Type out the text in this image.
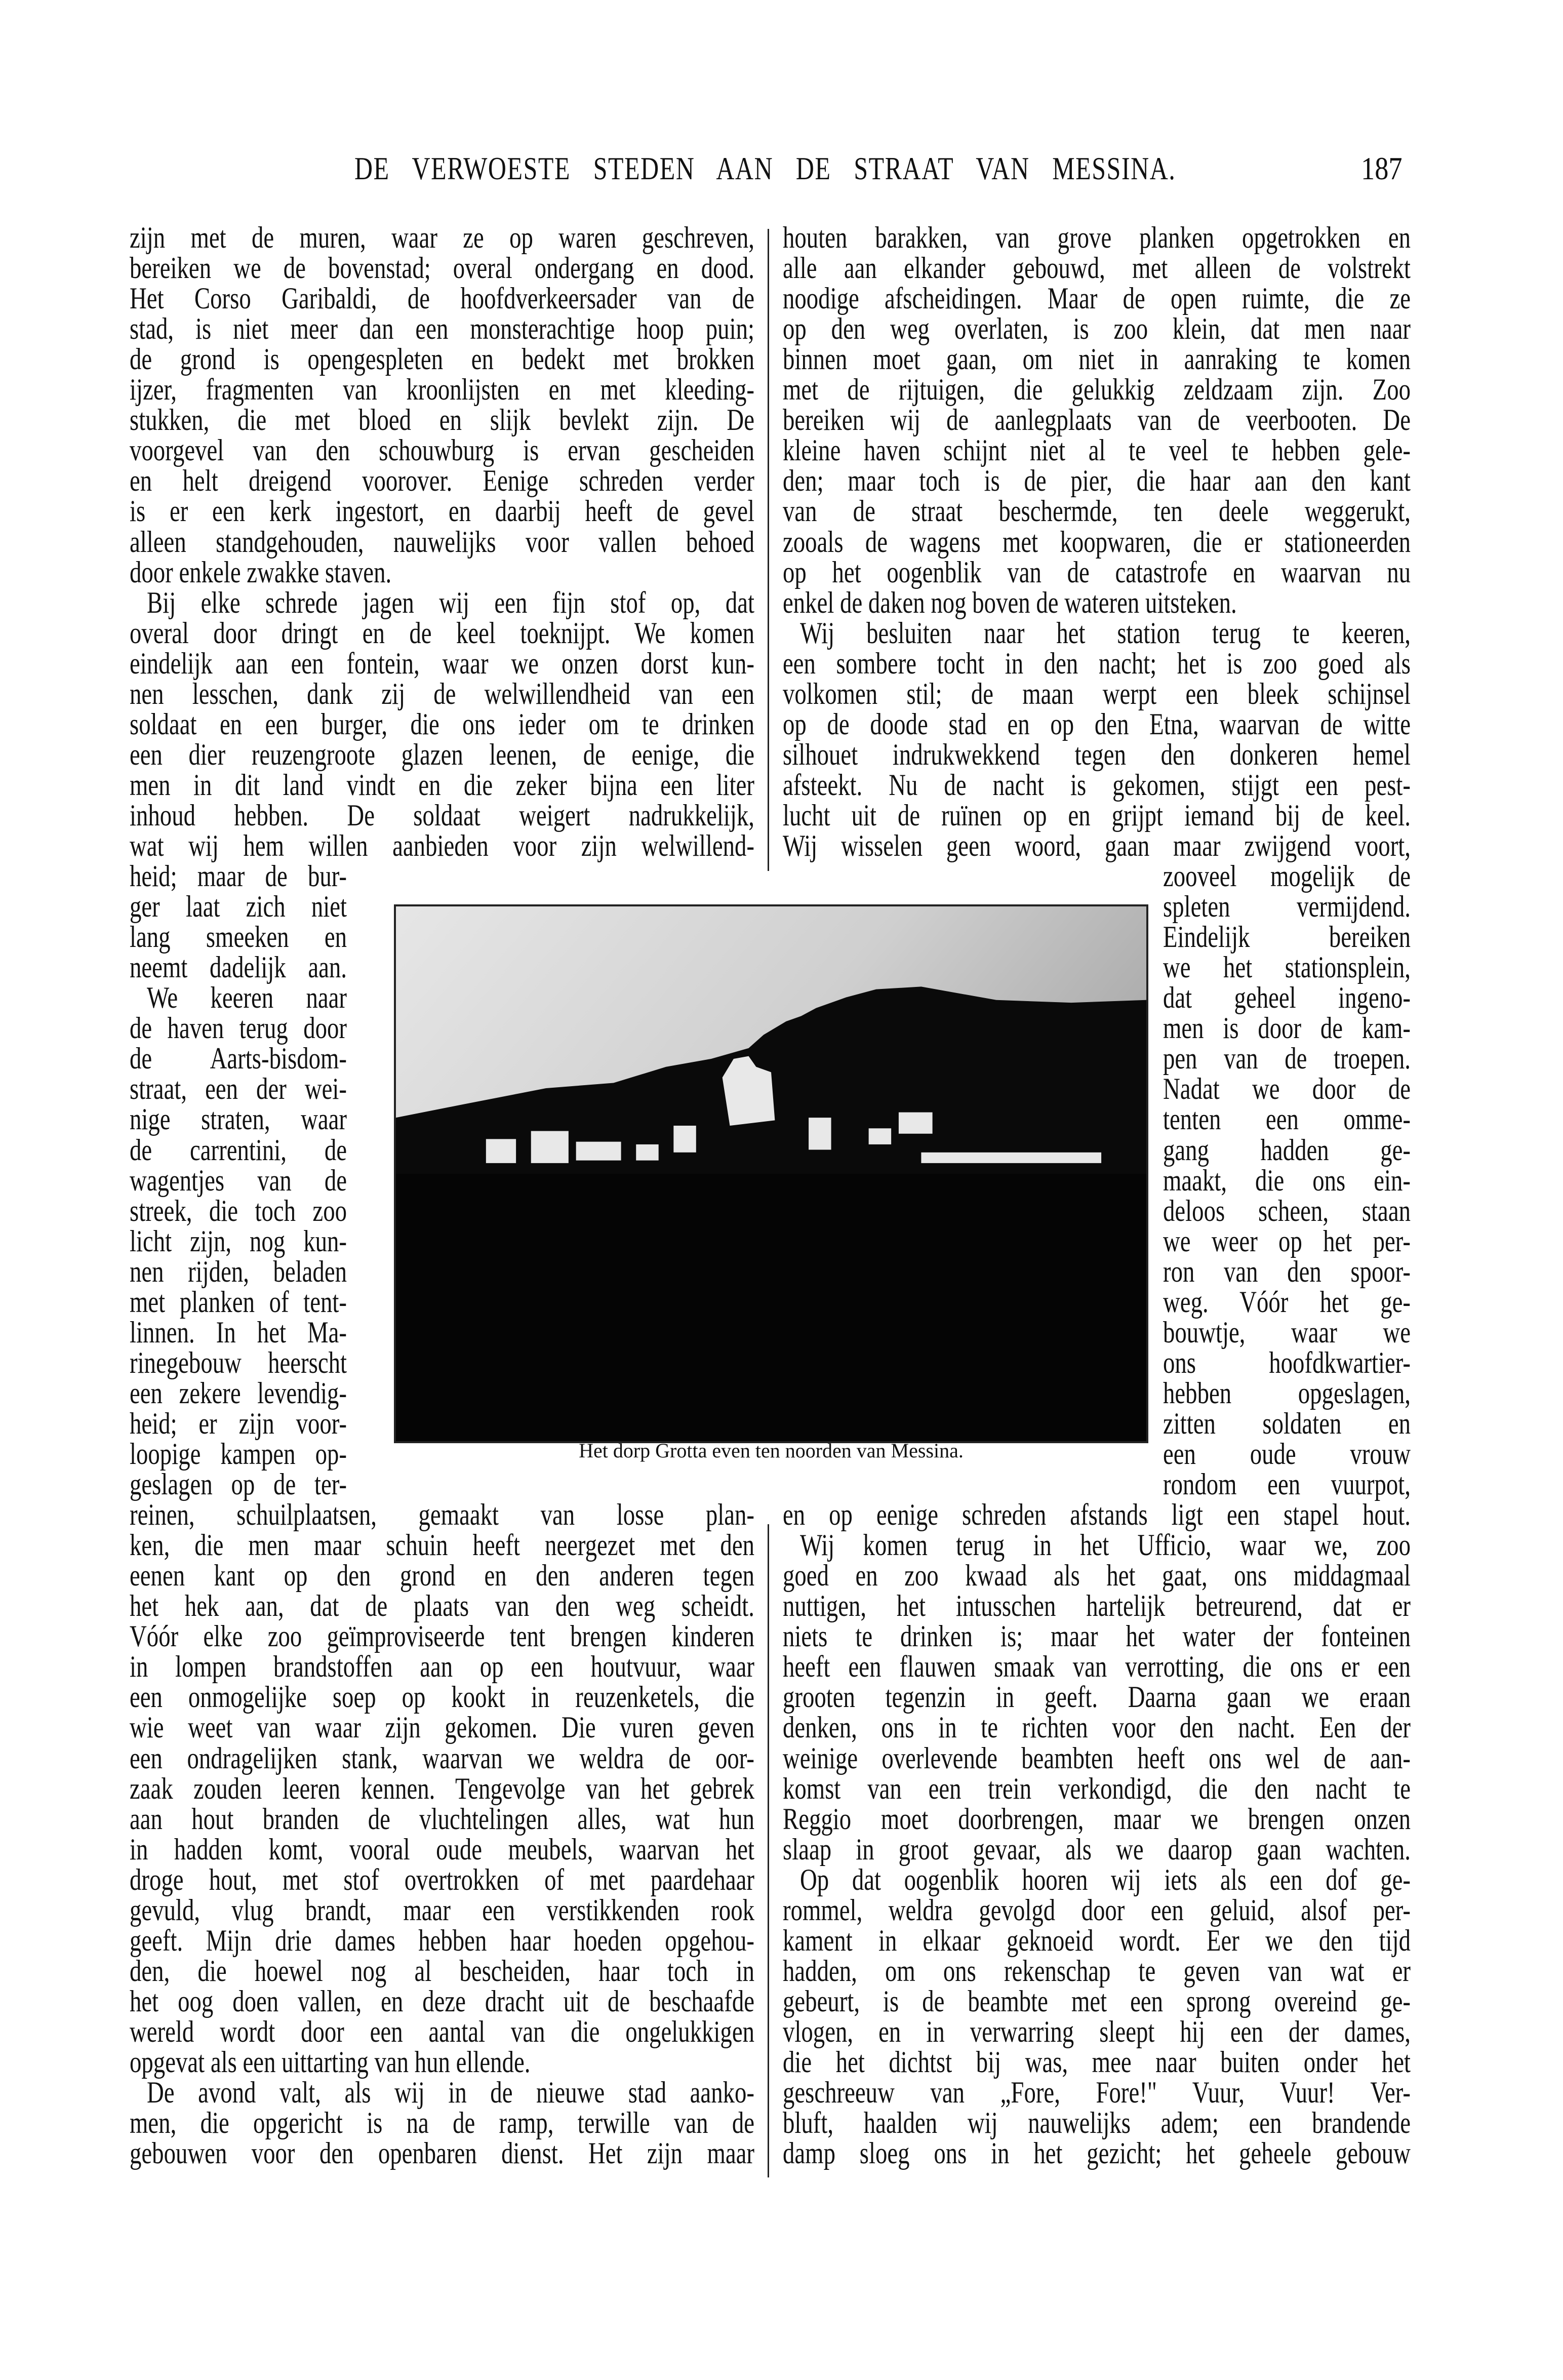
DE VERWOESTE STEDEN AAN DE STRAAT VAN MESSINA.	187
zijn met de muren, waar ze op waren geschreven,
bereiken we de bovenstad; overal ondergang en dood.
Het Corso Garibaldi, de hoofdverkeersader van de
stad, is niet meer dan een monsterachtige hoop puin;
de grond is opengespleten en bedekt met brokken
ijzer, fragmenten van kroonlijsten en met kleeding-
stukken, die met bloed en slijk bevlekt zijn. De
voorgevel van den schouwburg is ervan gescheiden
en helt dreigend voorover. Eenige schreden verder
is er een kerk ingestort, en daarbij heeft de gevel
alleen standgehouden, nauwelijks voor vallen behoed
door enkele zwakke staven.
Bij elke schrede jagen wij een fijn stof op, dat
overal door dringt en de keel toeknijpt. We komen
eindelijk aan een fontein, waar we onzen dorst kun-
nen lesschen, dank zij de welwillendheid van een
soldaat en een burger, die ons ieder om te drinken
een dier reuzengroote glazen leenen, de eenige, die
men in dit land vindt en die zeker bijna een liter
inhoud hebben. De soldaat weigert nadrukkelijk,
wat wij hem willen aanbieden voor zijn welwillend-
heid; maar de bur-
ger laat zich niet
lang smeeken en
neemt dadelijk aan.
We keeren naar
de haven terug door
de Aarts-bisdom-
straat, een der wei-
nige straten, waar
de carrentini, de
wagentjes van de
streek, die toch zoo
licht zijn, nog kun-
nen rijden, beladen
met planken of tent-
linnen. In het Ma-
rinegebouw heerscht
een zekere levendig-
heid; er zijn voor-
loopige kampen op-
geslagen op de ter-
reinen, schuilplaatsen, gemaakt van losse plan-
ken, die men maar schuin heeft neergezet met den
eenen kant op den grond en den anderen tegen
het hek aan, dat de plaats van den weg scheidt.
Vóór elke zoo geïmproviseerde tent brengen kinderen
in lompen brandstoffen aan op een houtvuur, waar
een onmogelijke soep op kookt in reuzenketels, die
wie weet van waar zijn gekomen. Die vuren geven
een ondragelijken stank, waarvan we weldra de oor-
zaak zouden leeren kennen. Tengevolge van het gebrek
aan hout branden de vluchtelingen alles, wat hun
in hadden komt, vooral oude meubels, waarvan het
droge hout, met stof overtrokken of met paardehaar
gevuld, vlug brandt, maar een verstikkenden rook
geeft. Mijn drie dames hebben haar hoeden opgehou-
den, die hoewel nog al bescheiden, haar toch in
het oog doen vallen, en deze dracht uit de beschaafde
wereld wordt door een aantal van die ongelukkigen
opgevat als een uittarting van hun ellende.
De avond valt, als wij in de nieuwe stad aanko-
men, die opgericht is na de ramp, terwille van de
gebouwen voor den openbaren dienst. Het zijn maar
houten barakken, van grove planken opgetrokken en
alle aan elkander gebouwd, met alleen de volstrekt
noodige afscheidingen. Maar de open ruimte, die ze
op den weg overlaten, is zoo klein, dat men naar
binnen moet gaan, om niet in aanraking te komen
met de rijtuigen, die gelukkig zeldzaam zijn. Zoo
bereiken wij de aanlegplaats van de veerbooten. De
kleine haven schijnt niet al te veel te hebben gele-
den; maar toch is de pier, die haar aan den kant
van de straat beschermde, ten deele weggerukt,
zooals de wagens met koopwaren, die er stationeerden
op het oogenblik van de catastrofe en waarvan nu
enkel de daken nog boven de wateren uitsteken.
Wij besluiten naar het station terug te keeren,
een sombere tocht in den nacht; het is zoo goed als
volkomen stil; de maan werpt een bleek schijnsel
op de doode stad en op den Etna, waarvan de witte
silhouet indrukwekkend tegen den donkeren hemel
afsteekt. Nu de nacht is gekomen, stijgt een pest-
lucht uit de ruïnen op en grijpt iemand bij de keel.
Wij wisselen geen woord, gaan maar zwijgend voort,
zooveel mogelijk de
spleten vermijdend.
Eindelijk bereiken
we het stationsplein,
dat geheel ingeno-
men is door de kam-
pen van de troepen.
Nadat we door de
tenten een omme-
gang hadden ge-
maakt, die ons ein-
deloos scheen, staan
we weer op het per-
ron van den spoor-
weg. Vóór het ge-
bouwtje, waar we
ons hoofdkwartier-
hebben opgeslagen,
zitten soldaten en
een oude vrouw
rondom een vuurpot,
en op eenige schreden afstands ligt een stapel hout.
Wij komen terug in het Ufficio, waar we, zoo
goed en zoo kwaad als het gaat, ons middagmaal
nuttigen, het intusschen hartelijk betreurend, dat er
niets te drinken is; maar het water der fonteinen
heeft een flauwen smaak van verrotting, die ons er een
grooten tegenzin in geeft. Daarna gaan we eraan
denken, ons in te richten voor den nacht. Een der
weinige overlevende beambten heeft ons wel de aan-
komst van een trein verkondigd, die den nacht te
Reggio moet doorbrengen, maar we brengen onzen
slaap in groot gevaar, als we daarop gaan wachten.
Op dat oogenblik hooren wij iets als een dof ge-
rommel, weldra gevolgd door een geluid, alsof per-
kament in elkaar geknoeid wordt. Eer we den tijd
hadden, om ons rekenschap te geven van wat er
gebeurt, is de beambte met een sprong overeind ge-
vlogen, en in verwarring sleept hij een der dames,
die het dichtst bij was, mee naar buiten onder het
geschreeuw van „Fore, Fore!" Vuur, Vuur! Ver-
bluft, haalden wij nauwelijks adem; een brandende
damp sloeg ons in het gezicht; het geheele gebouw
Het dorp Grotta even ten noorden van Messina.
